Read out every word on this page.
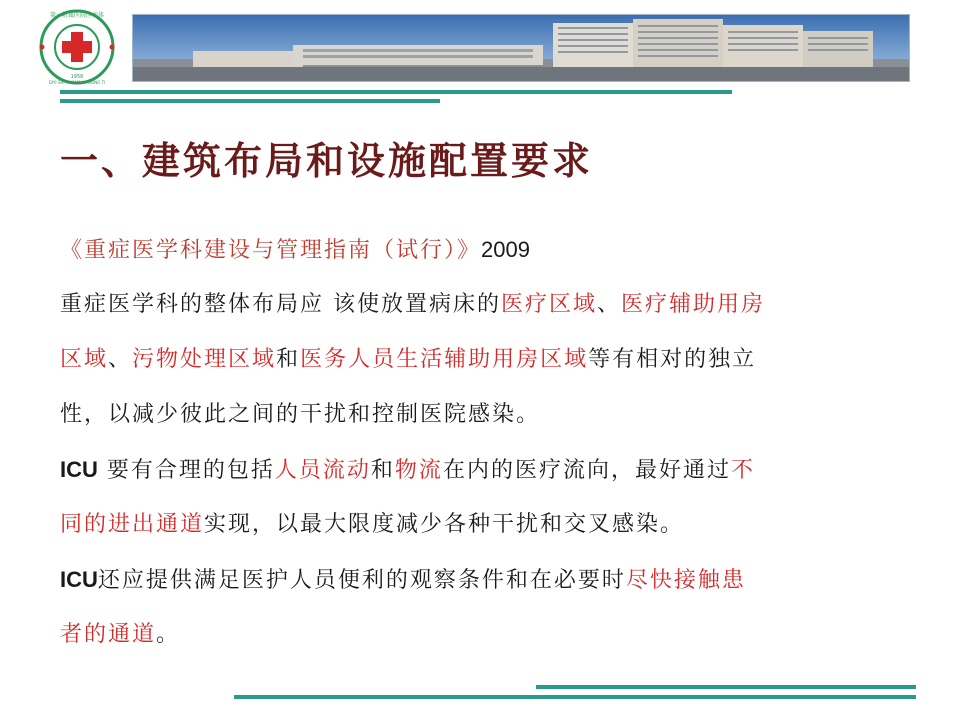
第一附属医院医共体
1956
DIYI SHI YI YUAN YI GONG TI
一、建筑布局和设施配置要求
《重症医学科建设与管理指南（试行）》2009
重症医学科的整体布局应 该使放置病床的医疗区域、医疗辅助用房
区域、污物处理区域和医务人员生活辅助用房区域等有相对的独立
性，以减少彼此之间的干扰和控制医院感染。
ICU 要有合理的包括人员流动和物流在内的医疗流向，最好通过不
同的进出通道实现，以最大限度减少各种干扰和交叉感染。
ICU还应提供满足医护人员便利的观察条件和在必要时尽快接触患
者的通道。
